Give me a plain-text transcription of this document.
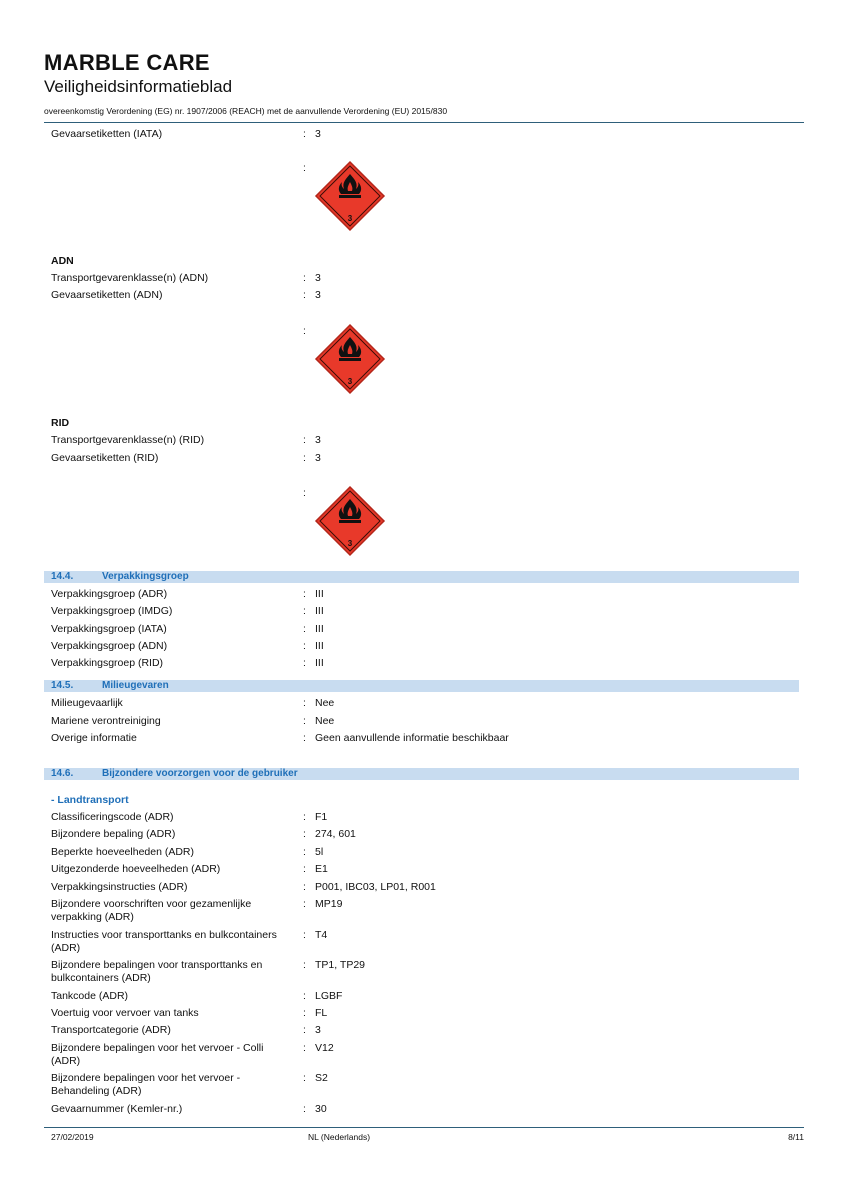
MARBLE CARE
Veiligheidsinformatieblad
overeenkomstig Verordening (EG) nr. 1907/2006 (REACH) met de aanvullende Verordening (EU) 2015/830
Gevaarsetiketten (IATA)	: 3
:
3
ADN
Transportgevarenklasse(n) (ADN)	: 3
Gevaarsetiketten (ADN)	: 3
:
3
RID
Transportgevarenklasse(n) (RID)	: 3
Gevaarsetiketten (RID)	: 3
:
3
14.4.	Verpakkingsgroep
Verpakkingsgroep (ADR)	: III
Verpakkingsgroep (IMDG)	: III
Verpakkingsgroep (IATA)	: III
Verpakkingsgroep (ADN)	: III
Verpakkingsgroep (RID)	: III
14.5.	Milieugevaren
Milieugevaarlijk	: Nee
Mariene verontreiniging	: Nee
Overige informatie	: Geen aanvullende informatie beschikbaar
14.6.	Bijzondere voorzorgen voor de gebruiker
- Landtransport
Classificeringscode (ADR)	: F1
Bijzondere bepaling (ADR)	: 274, 601
Beperkte hoeveelheden (ADR)	: 5l
Uitgezonderde hoeveelheden (ADR)	: E1
Verpakkingsinstructies (ADR)	: P001, IBC03, LP01, R001
Bijzondere voorschriften voor gezamenlijke verpakking (ADR)
: MP19
Instructies voor transporttanks en bulkcontainers (ADR)
: T4
Bijzondere bepalingen voor transporttanks en bulkcontainers (ADR)
: TP1, TP29
Tankcode (ADR)	: LGBF
Voertuig voor vervoer van tanks	: FL
Transportcategorie (ADR)	: 3
Bijzondere bepalingen voor het vervoer - Colli (ADR)
: V12
Bijzondere bepalingen voor het vervoer - Behandeling (ADR)
: S2
Gevaarnummer (Kemler-nr.)	: 30
27/02/2019	NL (Nederlands)	8/11
